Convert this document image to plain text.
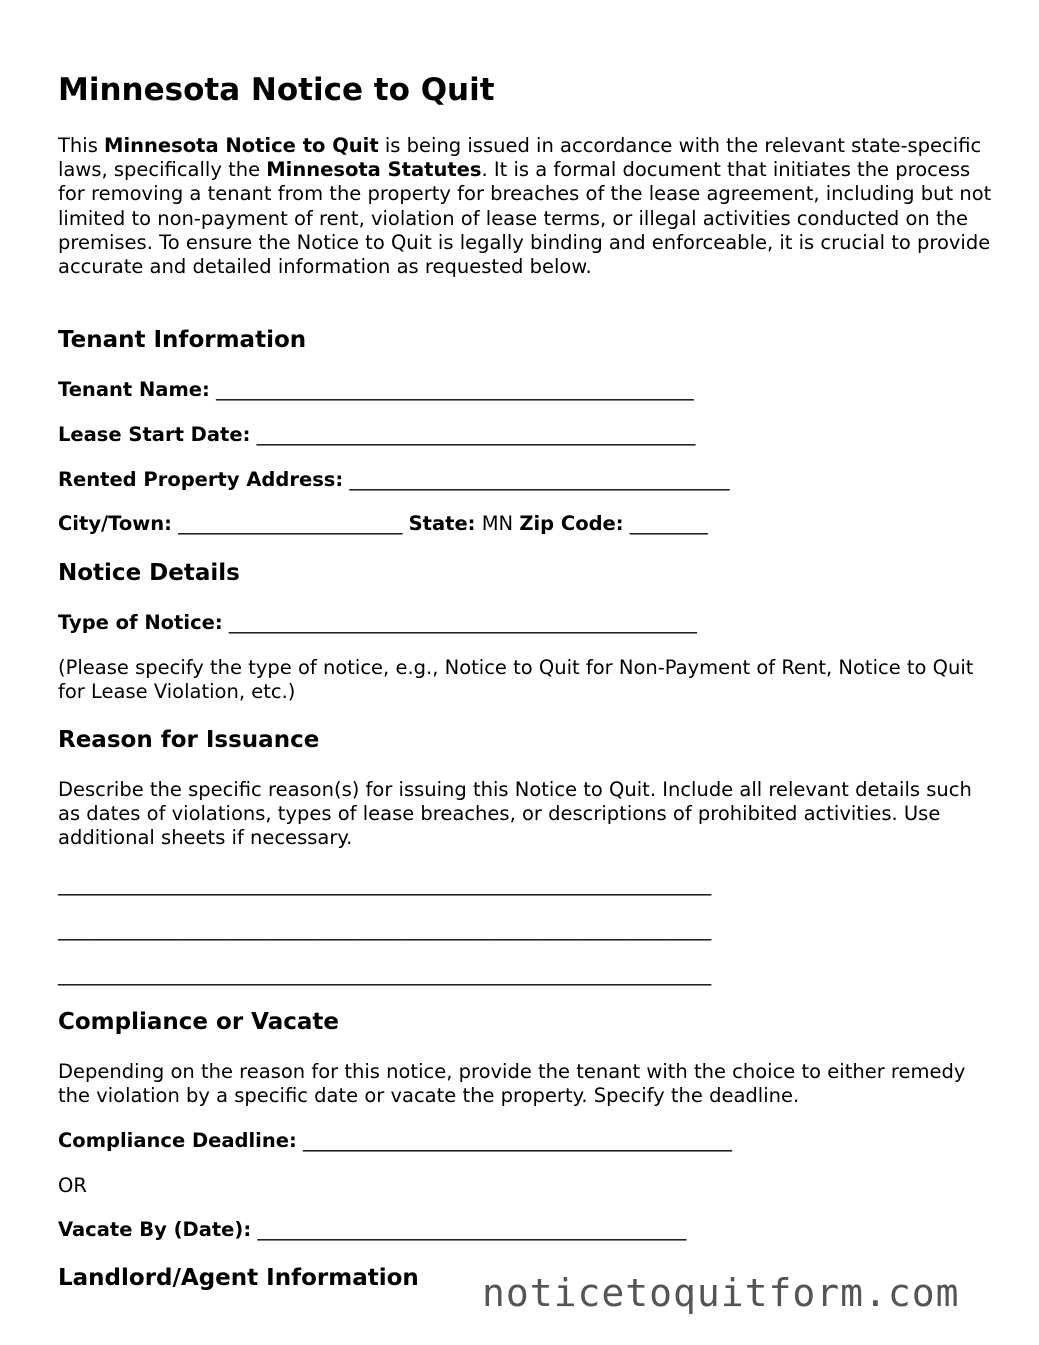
Minnesota Notice to Quit
This Minnesota Notice to Quit is being issued in accordance with the relevant state-specific laws, specifically the Minnesota Statutes. It is a formal document that initiates the process for removing a tenant from the property for breaches of the lease agreement, including but not limited to non-payment of rent, violation of lease terms, or illegal activities conducted on the premises. To ensure the Notice to Quit is legally binding and enforceable, it is crucial to provide accurate and detailed information as requested below.
Tenant Information
Tenant Name: _________________________________________________
Lease Start Date: _____________________________________________
Rented Property Address: _______________________________________
City/Town: _______________________ State: MN Zip Code: ________
Notice Details
Type of Notice: ________________________________________________
(Please specify the type of notice, e.g., Notice to Quit for Non-Payment of Rent, Notice to Quit for Lease Violation, etc.)
Reason for Issuance
Describe the specific reason(s) for issuing this Notice to Quit. Include all relevant details such as dates of violations, types of lease breaches, or descriptions of prohibited activities. Use additional sheets if necessary.
___________________________________________________________________
___________________________________________________________________
___________________________________________________________________
Compliance or Vacate
Depending on the reason for this notice, provide the tenant with the choice to either remedy the violation by a specific date or vacate the property. Specify the deadline.
Compliance Deadline: ____________________________________________
OR
Vacate By (Date): ____________________________________________
Landlord/Agent Information noticetoquitform.com
